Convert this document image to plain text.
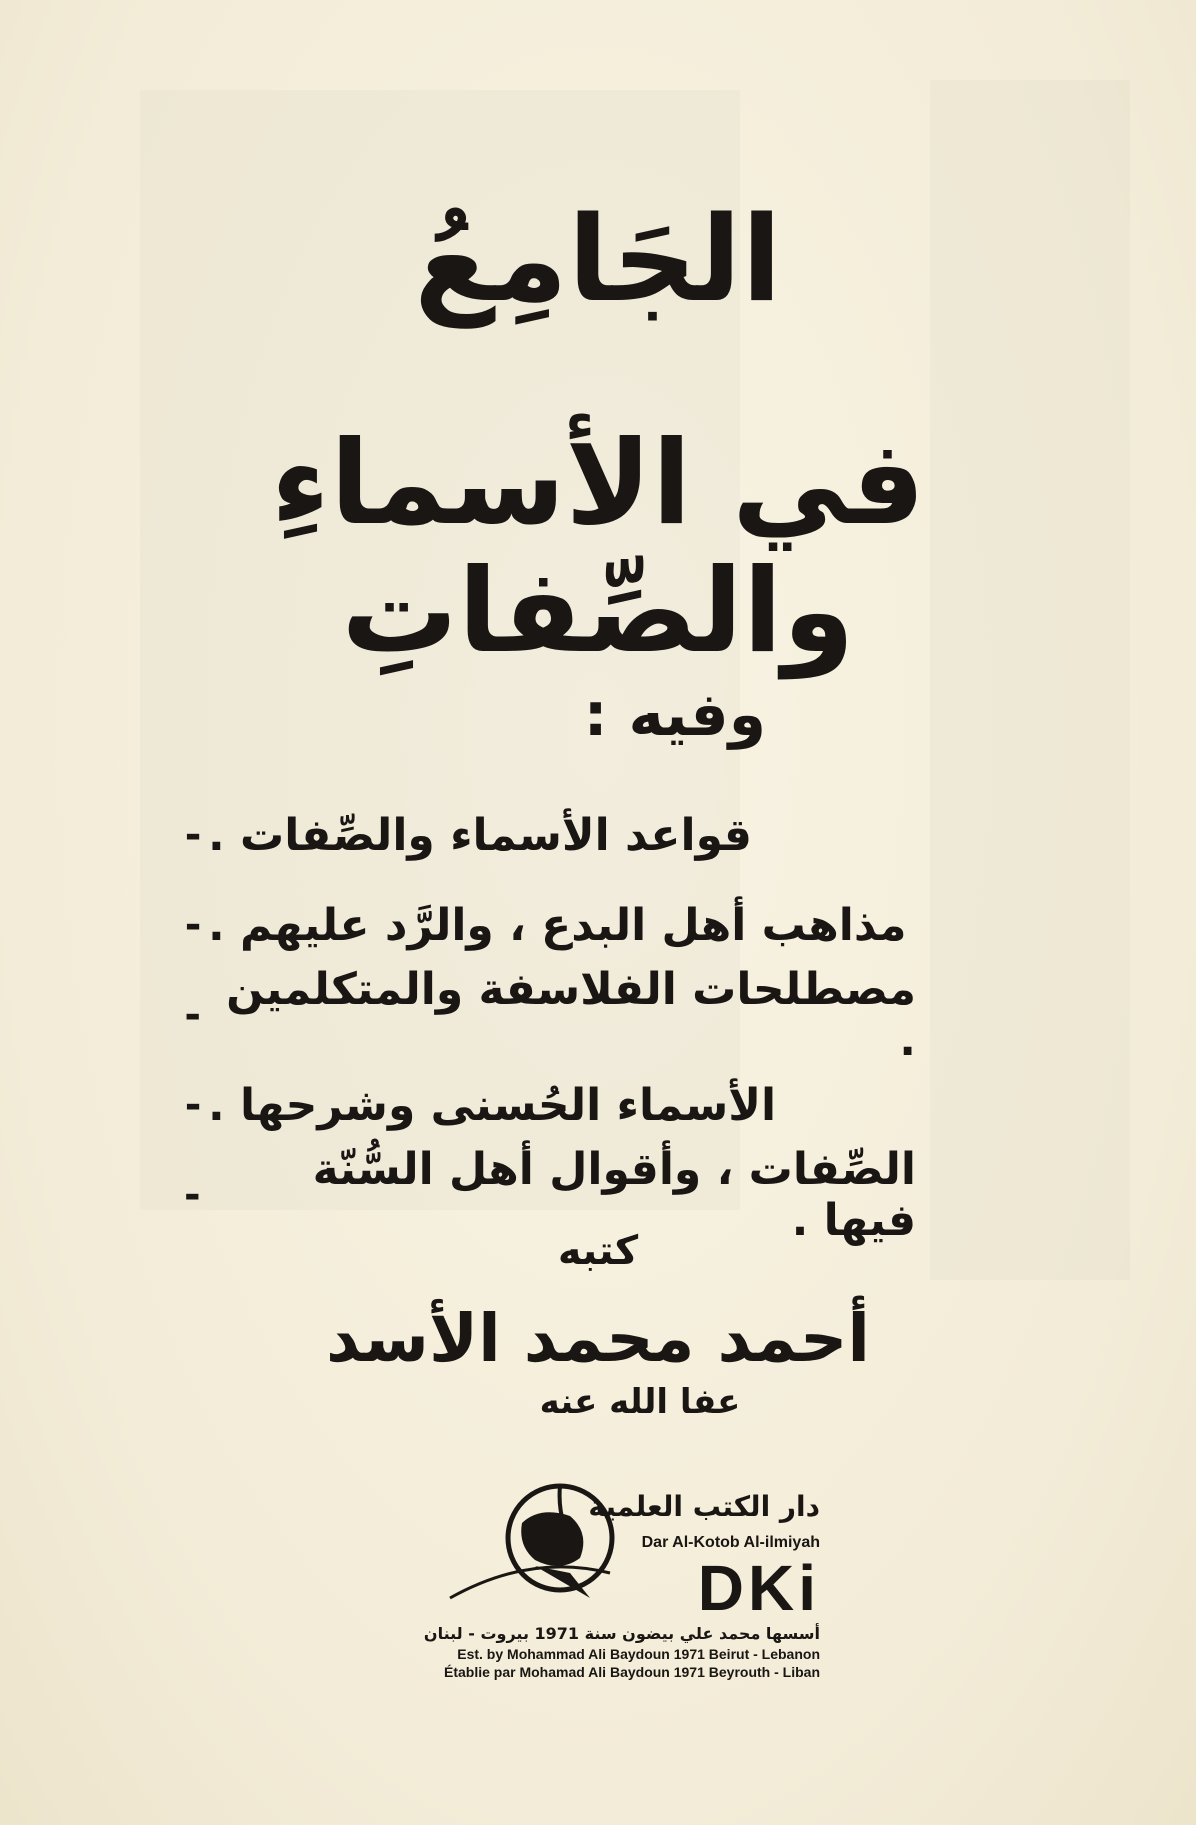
الجَامِعُ
في الأسماءِ والصِّفاتِ
وفيه :
- قواعد الأسماء والصِّفات .
- مذاهب أهل البدع ، والرَّد عليهم .
- مصطلحات الفلاسفة والمتكلمين .
- الأسماء الحُسنى وشرحها .
-	الصِّفات ، وأقوال أهل السُّنّة فيها .
كتبه
أحمد محمد الأسد
عفا الله عنه
دار الكتب العلمية
Dar Al-Kotob Al-ilmiyah
DKi
أسسها محمد علي بيضون سنة 1971 بيروت - لبنان
Est. by Mohammad Ali Baydoun 1971 Beirut - Lebanon
Établie par Mohamad Ali Baydoun 1971 Beyrouth - Liban
